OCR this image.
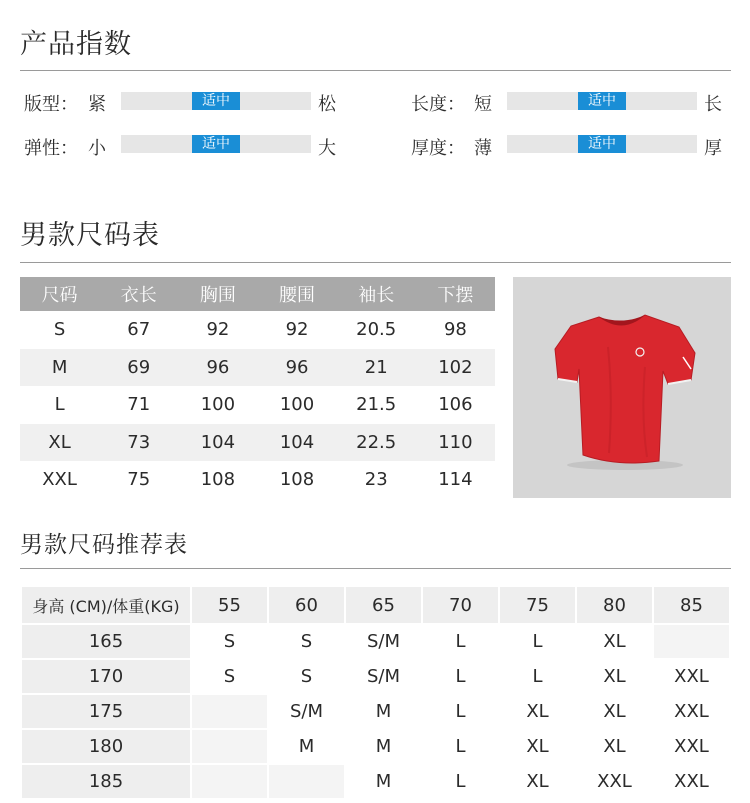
产品指数
版型： 紧	适中	松	长度： 短	适中	长
弹性： 小	适中	大	厚度： 薄	适中	厚
男款尺码表
尺码	衣长	胸围	腰围	袖长	下摆
S	67	92	92	20.5	98
M	69	96	96	21	102
L	71	100	100	21.5	106
XL	73	104	104	22.5	110
XXL	75	108	108	23	114
男款尺码推荐表
身高 (CM)/体重(KG)	55	60	65	70	75	80	85
165	S	S	S/M	L	L	XL	
170	S	S	S/M	L	L	XL	XXL
175		S/M	M	L	XL	XL	XXL
180		M	M	L	XL	XL	XXL
185			M	L	XL	XXL	XXL
